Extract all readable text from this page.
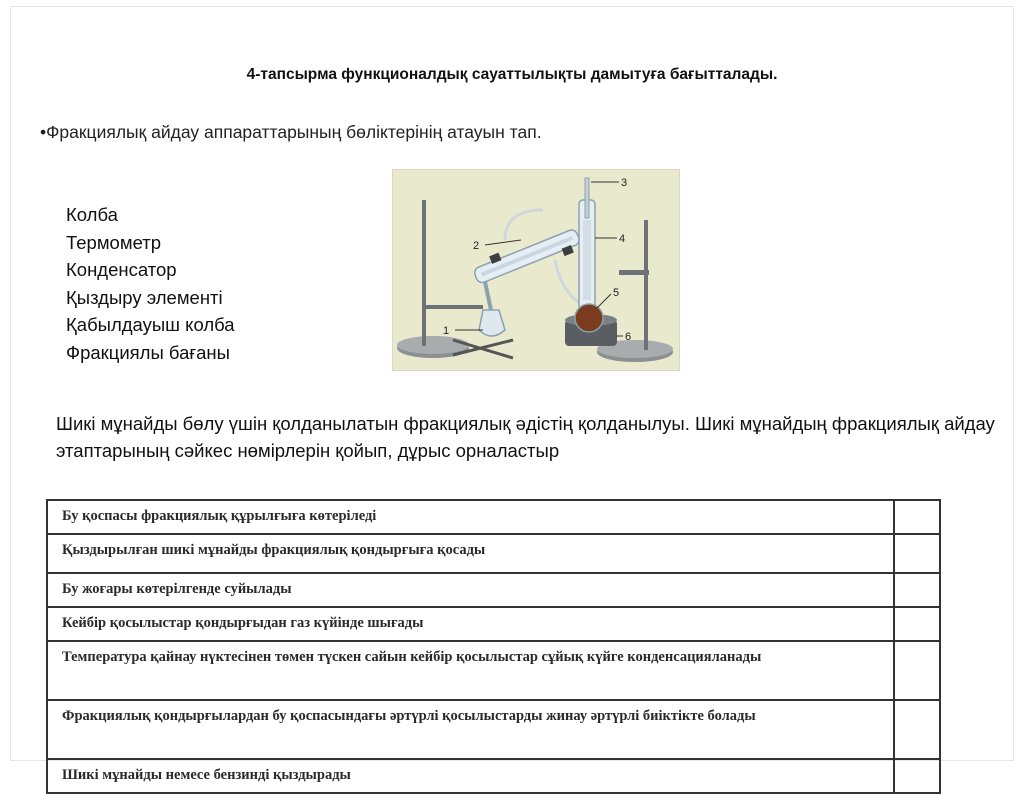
4-тапсырма функционалдық сауаттылықты дамытуға бағытталады.
•Фракциялық айдау аппараттарының бөліктерінің атауын тап.
Колба
Термометр
Конденсатор
Қыздыру элементі
Қабылдауыш колба
Фракциялы бағаны
1
2
3
4
5
6
Шикі мұнайды бөлу үшін қолданылатын фракциялық әдістің қолданылуы. Шикі мұнайдың фракциялық айдау этаптарының сәйкес нөмірлерін қойып, дұрыс орналастыр
Бу қоспасы фракциялық құрылғыға көтеріледі	
Қыздырылған шикі мұнайды фракциялық қондырғыға қосады	
Бу жоғары көтерілгенде суйылады	
Кейбір қосылыстар қондырғыдан газ күйінде шығады	
Температура қайнау нүктесінен төмен түскен сайын кейбір қосылыстар сұйық күйге конденсацияланады	
Фракциялық қондырғылардан бу қоспасындағы әртүрлі қосылыстарды жинау әртүрлі биіктікте болады	
Шикі мұнайды немесе бензинді қыздырады	
